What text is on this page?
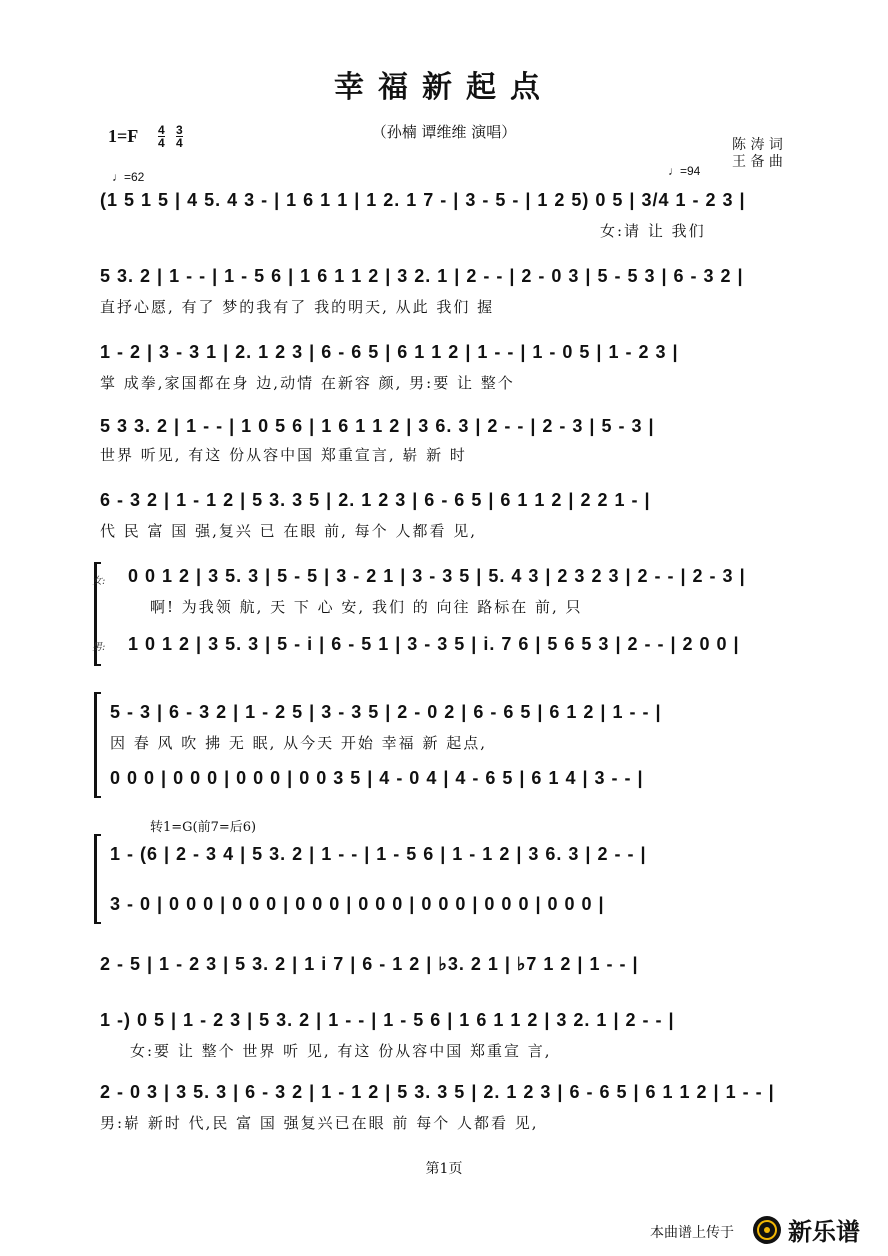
幸福新起点
（孙楠 谭维维 演唱）
1=F 4
4
3
4	陈 涛 词
王 备 曲
♩=62	♩=94
(1 5 1 5 | 4 5. 4 3 - | 1 6 1 1 | 1 2. 1 7 - | 3 - 5 - | 1 2 5) 0 5 | 3/4 1 - 2 3 |
女:请 让 我们
5 3. 2 | 1 - - | 1 - 5 6 | 1 6 1 1 2 | 3 2. 1 | 2 - - | 2 - 0 3 | 5 - 5 3 | 6 - 3 2 |
直抒心愿, 有了 梦的我有了 我的明天, 从此 我们 握
1 - 2 | 3 - 3 1 | 2. 1 2 3 | 6 - 6 5 | 6 1 1 2 | 1 - - | 1 - 0 5 | 1 - 2 3 |
掌 成拳,家国都在身 边,动情 在新容 颜, 男:要 让 整个
5 3 3. 2 | 1 - - | 1 0 5 6 | 1 6 1 1 2 | 3 6. 3 | 2 - - | 2 - 3 | 5 - 3 |
世界 听见, 有这 份从容中国 郑重宣言, 崭 新 时
6 - 3 2 | 1 - 1 2 | 5 3. 3 5 | 2. 1 2 3 | 6 - 6 5 | 6 1 1 2 | 2 2 1 - |
代 民 富 国 强,复兴 已 在眼 前, 每个 人都看 见,
女: 0 0 1 2 | 3 5. 3 | 5 - 5 | 3 - 2 1 | 3 - 3 5 | 5. 4 3 | 2 3 2 3 | 2 - - | 2 - 3 |
啊! 为我领 航, 天 下 心 安, 我们 的 向往 路标在 前, 只
男: 1 0 1 2 | 3 5. 3 | 5 - i | 6 - 5 1 | 3 - 3 5 | i. 7 6 | 5 6 5 3 | 2 - - | 2 0 0 |
5 - 3 | 6 - 3 2 | 1 - 2 5 | 3 - 3 5 | 2 - 0 2 | 6 - 6 5 | 6 1 2 | 1 - - |
因 春 风 吹 拂 无 眠, 从今天 开始 幸福 新 起点,
0 0 0 | 0 0 0 | 0 0 0 | 0 0 3 5 | 4 - 0 4 | 4 - 6 5 | 6 1 4 | 3 - - |
转1=G(前7=后6)
1 - (6 | 2 - 3 4 | 5 3. 2 | 1 - - | 1 - 5 6 | 1 - 1 2 | 3 6. 3 | 2 - - |
3 - 0 | 0 0 0 | 0 0 0 | 0 0 0 | 0 0 0 | 0 0 0 | 0 0 0 | 0 0 0 |
2 - 5 | 1 - 2 3 | 5 3. 2 | 1 i 7 | 6 - 1 2 | ♭3. 2 1 | ♭7 1 2 | 1 - - |
1 -) 0 5 | 1 - 2 3 | 5 3. 2 | 1 - - | 1 - 5 6 | 1 6 1 1 2 | 3 2. 1 | 2 - - |
女:要 让 整个 世界 听 见, 有这 份从容中国 郑重宣 言,
2 - 0 3 | 3 5. 3 | 6 - 3 2 | 1 - 1 2 | 5 3. 3 5 | 2. 1 2 3 | 6 - 6 5 | 6 1 1 2 | 1 - - |
男:崭 新时 代,民 富 国 强复兴已在眼 前 每个 人都看 见,
第1页
本曲谱上传于 新乐谱
